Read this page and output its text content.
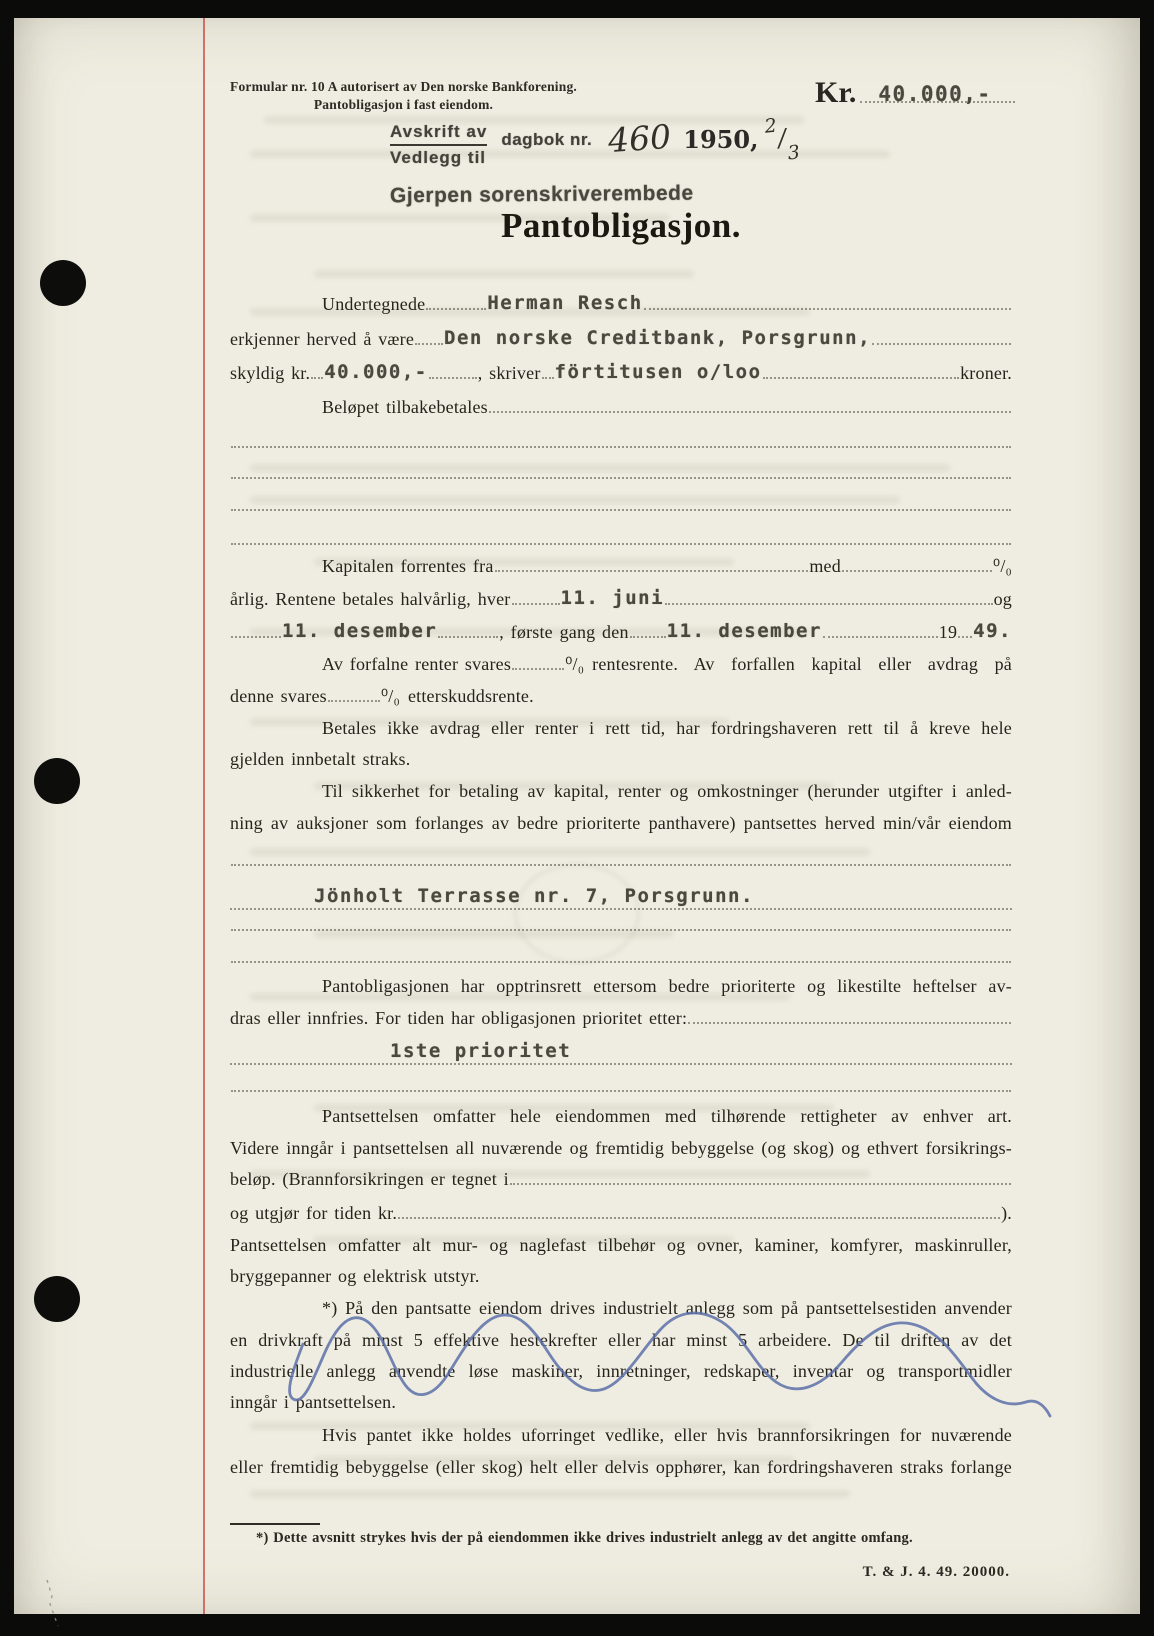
Formular nr. 10 A autorisert av Den norske Bankforening.
Pantobligasjon i fast eiendom.	Kr. 40.000,-
Avskrift av
Vedlegg til
dagbok nr. 460 1950, $^2/_3$
Gjerpen sorenskriverembede
Pantobligasjon.
Undertegnede	Herman Resch
erkjenner herved å være Den norske Creditbank, Porsgrunn,
skyldig kr. 40.000,-	, skriver förtitusen o/loo	kroner.
Beløpet tilbakebetales
Kapitalen forrentes fra	med	⁰/₀
årlig. Rentene betales halvårlig, hver	11. juni	og
11. desember	, første gang den 11. desember	19 49.
Av forfalne renter svares	⁰/₀ rentesrente. Av forfallen kapital eller avdrag på
denne svares	⁰/₀ etterskuddsrente.
Betales ikke avdrag eller renter i rett tid, har fordringshaveren rett til å kreve hele
gjelden innbetalt straks.
Til sikkerhet for betaling av kapital, renter og omkostninger (herunder utgifter i anled-
ning av auksjoner som forlanges av bedre prioriterte panthavere) pantsettes herved min/vår eiendom
Jönholt Terrasse nr. 7, Porsgrunn.
Pantobligasjonen har opptrinsrett ettersom bedre prioriterte og likestilte heftelser av-
dras eller innfries. For tiden har obligasjonen prioritet etter:
1ste prioritet
Pantsettelsen omfatter hele eiendommen med tilhørende rettigheter av enhver art.
Videre inngår i pantsettelsen all nuværende og fremtidig bebyggelse (og skog) og ethvert forsikrings-
beløp. (Brannforsikringen er tegnet i
og utgjør for tiden kr.	).
Pantsettelsen omfatter alt mur- og naglefast tilbehør og ovner, kaminer, komfyrer, maskinruller,
bryggepanner og elektrisk utstyr.
*) På den pantsatte eiendom drives industrielt anlegg som på pantsettelsestiden anvender
en drivkraft på minst 5 effektive hestekrefter eller har minst 5 arbeidere. De til driften av det
industrielle anlegg anvendte løse maskiner, innretninger, redskaper, inventar og transportmidler
inngår i pantsettelsen.
Hvis pantet ikke holdes uforringet vedlike, eller hvis brannforsikringen for nuværende
eller fremtidig bebyggelse (eller skog) helt eller delvis opphører, kan fordringshaveren straks forlange
*) Dette avsnitt strykes hvis der på eiendommen ikke drives industrielt anlegg av det angitte omfang.
T. & J. 4. 49. 20000.
